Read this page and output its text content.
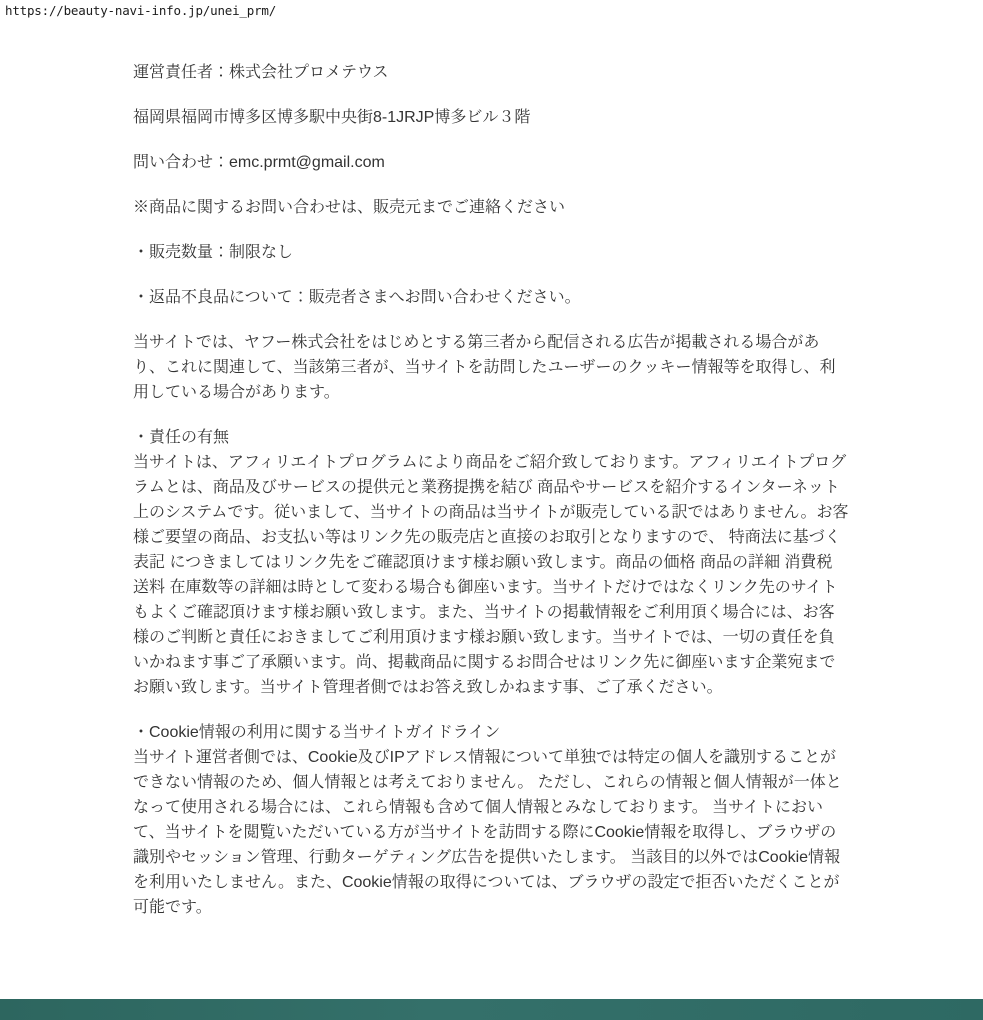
https://beauty-navi-info.jp/unei_prm/

運営責任者：株式会社プロメテウス

福岡県福岡市博多区博多駅中央街8-1JRJP博多ビル３階

問い合わせ：emc.prmt@gmail.com

※商品に関するお問い合わせは、販売元までご連絡ください

・販売数量：制限なし

・返品不良品について：販売者さまへお問い合わせください。

当サイトでは、ヤフー株式会社をはじめとする第三者から配信される広告が掲載される場合があり、これに関連して、当該第三者が、当サイトを訪問したユーザーのクッキー情報等を取得し、利用している場合があります。

・責任の有無
当サイトは、アフィリエイトプログラムにより商品をご紹介致しております。アフィリエイトプログラムとは、商品及びサービスの提供元と業務提携を結び 商品やサービスを紹介するインターネット上のシステムです。従いまして、当サイトの商品は当サイトが販売している訳ではありません。お客様ご要望の商品、お支払い等はリンク先の販売店と直接のお取引となりますので、 特商法に基づく表記 につきましてはリンク先をご確認頂けます様お願い致します。商品の価格 商品の詳細 消費税 送料 在庫数等の詳細は時として変わる場合も御座います。当サイトだけではなくリンク先のサイトもよくご確認頂けます様お願い致します。また、当サイトの掲載情報をご利用頂く場合には、お客様のご判断と責任におきましてご利用頂けます様お願い致します。当サイトでは、一切の責任を負いかねます事ご了承願います。尚、掲載商品に関するお問合せはリンク先に御座います企業宛までお願い致します。当サイト管理者側ではお答え致しかねます事、ご了承ください。

・Cookie情報の利用に関する当サイトガイドライン
当サイト運営者側では、Cookie及びIPアドレス情報について単独では特定の個人を識別することができない情報のため、個人情報とは考えておりません。 ただし、これらの情報と個人情報が一体となって使用される場合には、これら情報も含めて個人情報とみなしております。 当サイトにおいて、当サイトを閲覧いただいている方が当サイトを訪問する際にCookie情報を取得し、ブラウザの識別やセッション管理、行動ターゲティング広告を提供いたします。 当該目的以外ではCookie情報を利用いたしません。また、Cookie情報の取得については、ブラウザの設定で拒否いただくことが可能です。
